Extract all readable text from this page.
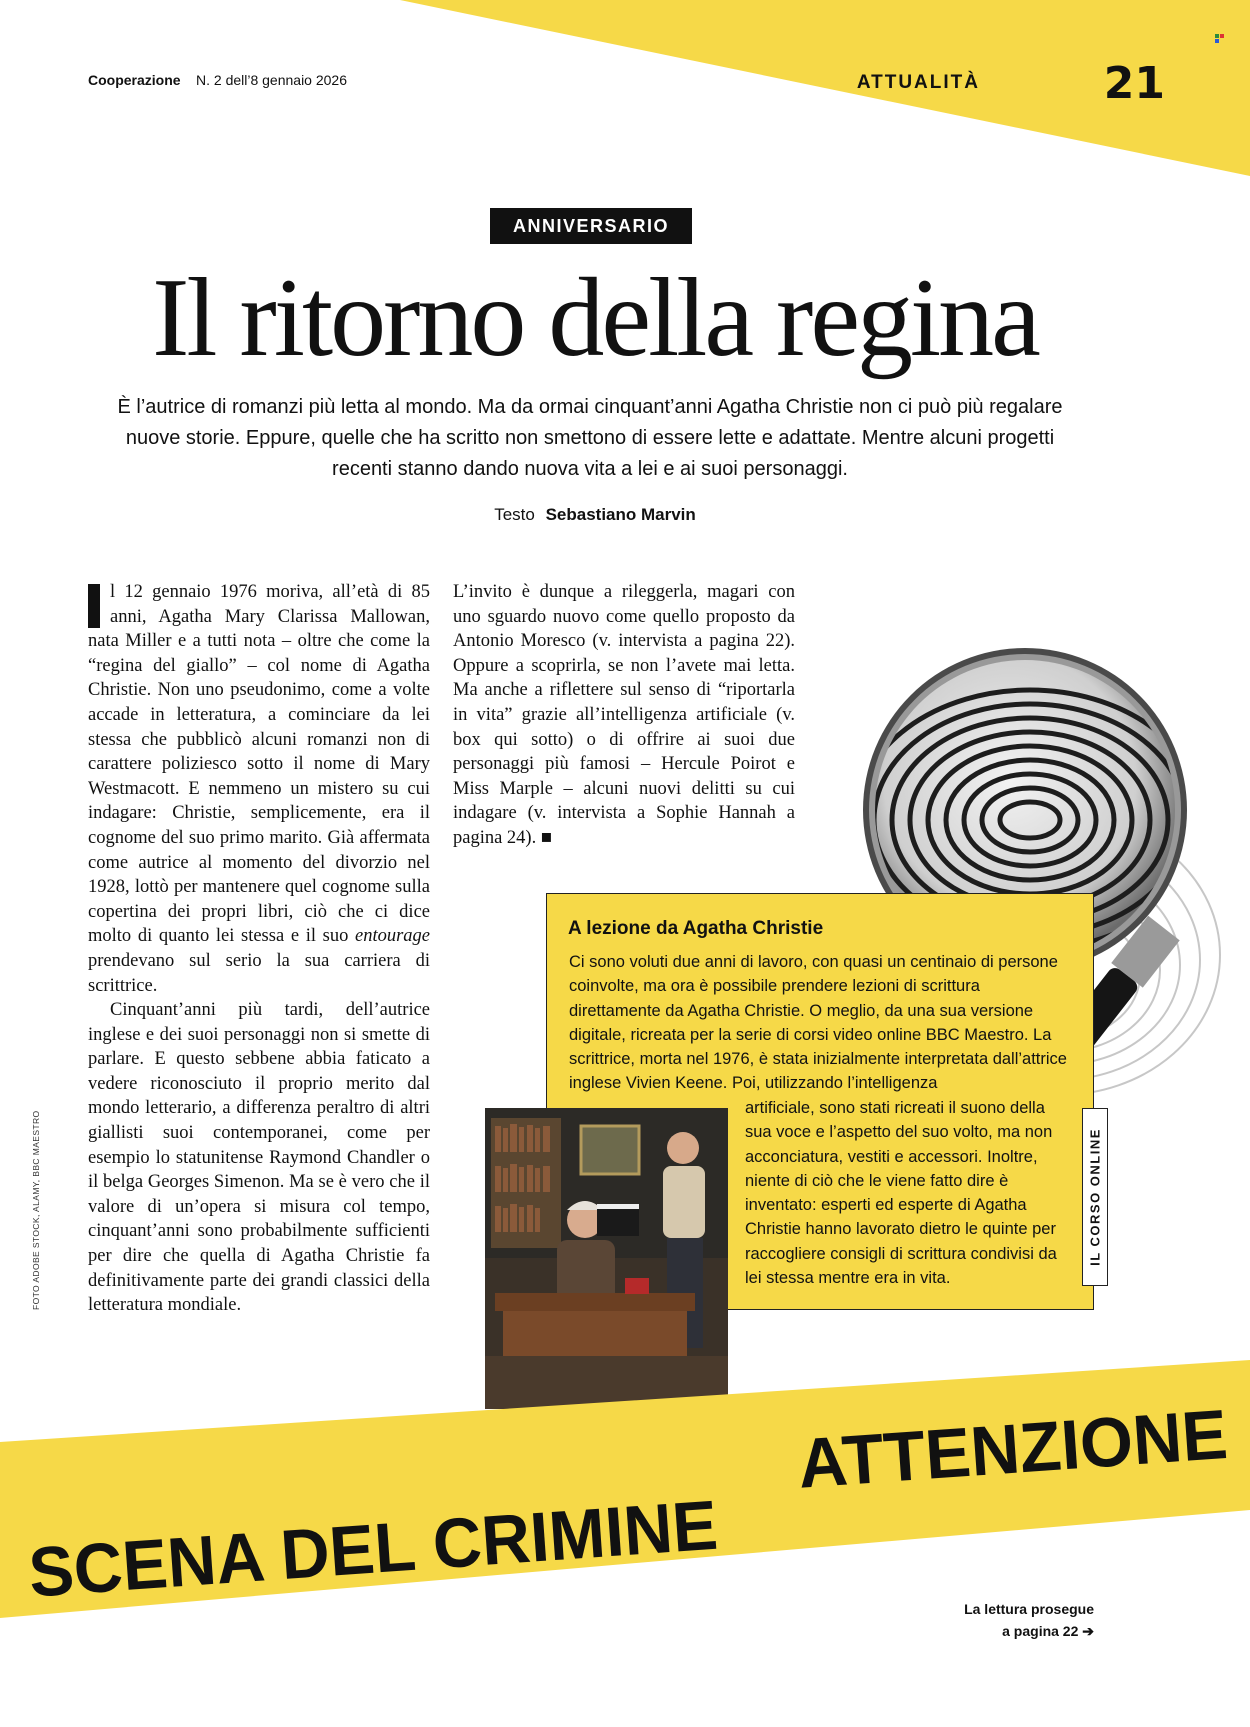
Cooperazione N. 2 dell’8 gennaio 2026	ATTUALITÀ	21
ANNIVERSARIO
Il ritorno della regina
È l’autrice di romanzi più letta al mondo. Ma da ormai cinquant’anni Agatha Christie non ci può più regalare nuove storie. Eppure, quelle che ha scritto non smettono di essere lette e adattate. Mentre alcuni progetti recenti stanno dando nuova vita a lei e ai suoi personaggi.
Testo Sebastiano Marvin

l 12 gennaio 1976 moriva, all’età di 85 anni, Agatha Mary Clarissa Mallowan, nata Miller e a tutti nota – oltre che come la “regina del giallo” – col nome di Agatha Christie. Non uno pseudonimo, come a volte accade in letteratura, a cominciare da lei stessa che pubblicò alcuni romanzi non di carattere poliziesco sotto il nome di Mary Westmacott. E nemmeno un mistero su cui indagare: Christie, semplicemente, era il cognome del suo primo marito. Già affermata come autrice al momento del divorzio nel 1928, lottò per mantenere quel cognome sulla copertina dei propri libri, ciò che ci dice molto di quanto lei stessa e il suo entourage prendevano sul serio la sua carriera di scrittrice.

Cinquant’anni più tardi, dell’autrice inglese e dei suoi personaggi non si smette di parlare. E questo sebbene abbia faticato a vedere riconosciuto il proprio merito dal mondo letterario, a differenza peraltro di altri giallisti suoi contemporanei, come per esempio lo statunitense Raymond Chandler o il belga Georges Simenon. Ma se è vero che il valore di un’opera si misura col tempo, cinquant’anni sono probabilmente sufficienti per dire che quella di Agatha Christie fa definitivamente parte dei grandi classici della letteratura mondiale.

L’invito è dunque a rileggerla, magari con uno sguardo nuovo come quello proposto da Antonio Moresco (v. intervista a pagina 22). Oppure a scoprirla, se non l’avete mai letta. Ma anche a riflettere sul senso di “riportarla in vita” grazie all’intelligenza artificiale (v. box qui sotto) o di offrire ai suoi due personaggi più famosi – Hercule Poirot e Miss Marple – alcuni nuovi delitti su cui indagare (v. intervista a Sophie Hannah a pagina 24). ■

A lezione da Agatha Christie
Ci sono voluti due anni di lavoro, con quasi un centinaio di persone coinvolte, ma ora è possibile prendere lezioni di scrittura direttamente da Agatha Christie. O meglio, da una sua versione digitale, ricreata per la serie di corsi video online BBC Maestro. La scrittrice, morta nel 1976, è stata inizialmente interpretata dall’attrice inglese Vivien Keene. Poi, utilizzando l’intelligenza
artificiale, sono stati ricreati il suono della sua voce e l’aspetto del suo volto, ma non acconciatura, vestiti e accessori. Inoltre, niente di ciò che le viene fatto dire è inventato: esperti ed esperte di Agatha Christie hanno lavorato dietro le quinte per raccogliere consigli di scrittura condivisi da lei stessa mentre era in vita.
IL CORSO ONLINE
FOTO ADOBE STOCK, ALAMY, BBC MAESTRO
SCENA DEL CRIMINE
ATTENZIONE
La lettura prosegue
a pagina 22 ➔
